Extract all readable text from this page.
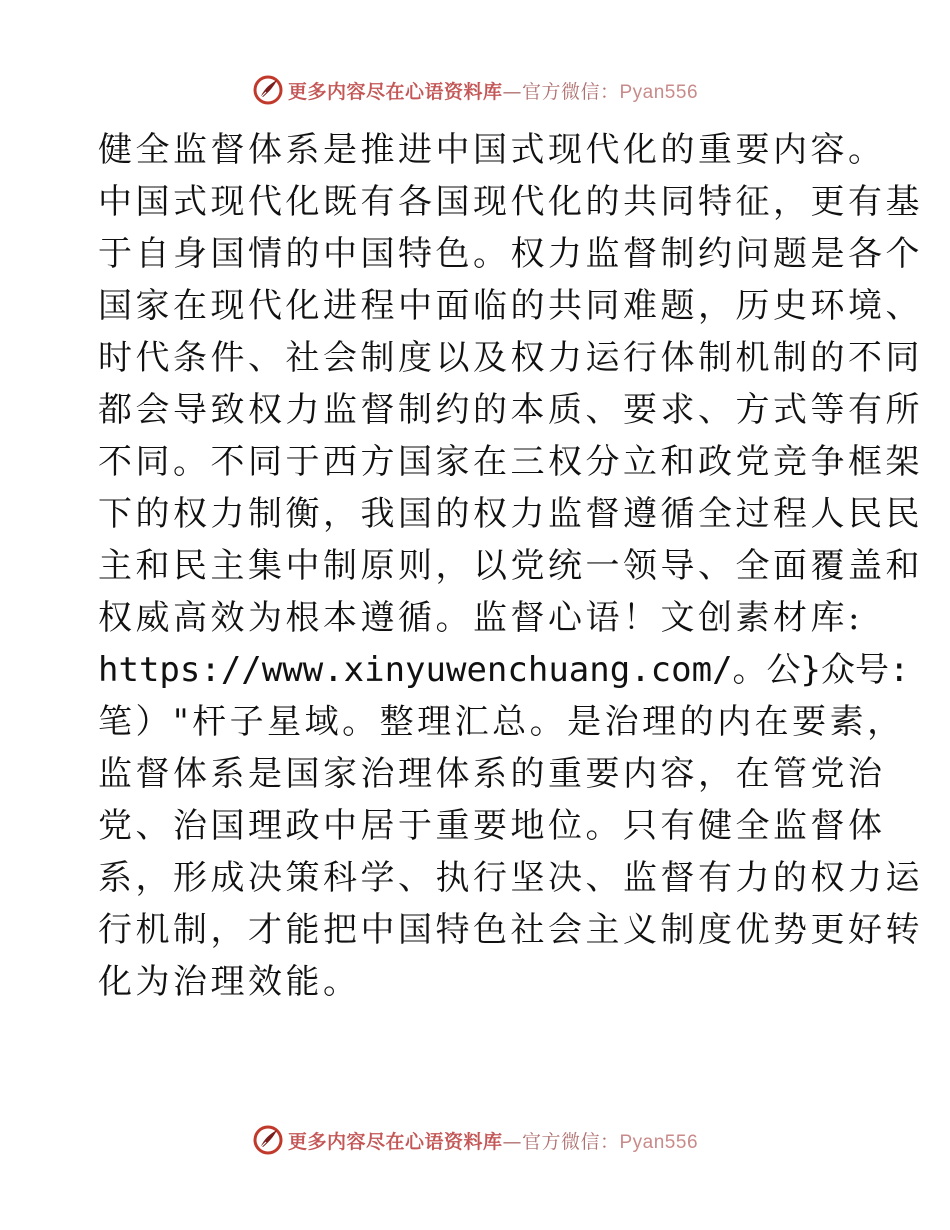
更多内容尽在心语资料库—官方微信：Pyan556
健全监督体系是推进中国式现代化的重要内容。
中国式现代化既有各国现代化的共同特征，更有基
于自身国情的中国特色。权力监督制约问题是各个
国家在现代化进程中面临的共同难题，历史环境、
时代条件、社会制度以及权力运行体制机制的不同
都会导致权力监督制约的本质、要求、方式等有所
不同。不同于西方国家在三权分立和政党竞争框架
下的权力制衡，我国的权力监督遵循全过程人民民
主和民主集中制原则，以党统一领导、全面覆盖和
权威高效为根本遵循。监督心语！文创素材库:
https://www.xinyuwenchuang.com/。公}众号:
笔）"杆子星域。整理汇总。是治理的内在要素，
监督体系是国家治理体系的重要内容，在管党治
党、治国理政中居于重要地位。只有健全监督体
系，形成决策科学、执行坚决、监督有力的权力运
行机制，才能把中国特色社会主义制度优势更好转
化为治理效能。
更多内容尽在心语资料库—官方微信：Pyan556
